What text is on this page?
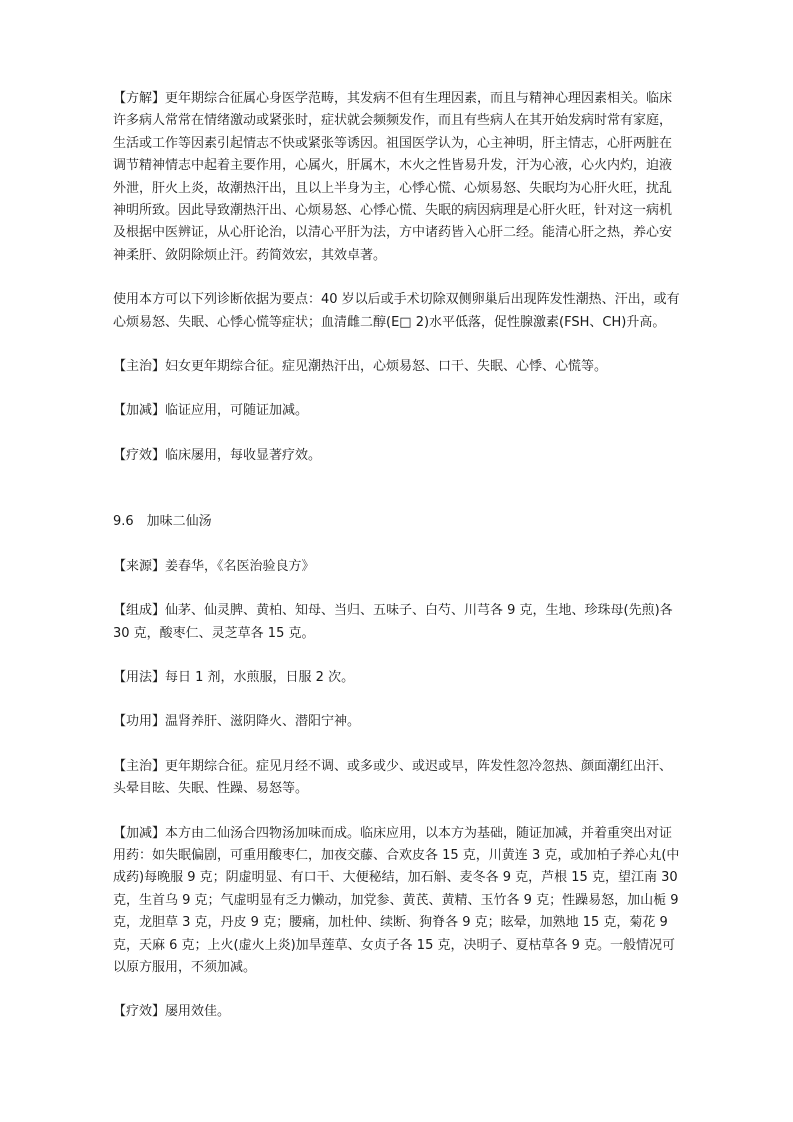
【方解】更年期综合征属心身医学范畴，其发病不但有生理因素，而且与精神心理因素相关。临床许多病人常常在情绪激动或紧张时，症状就会频频发作，而且有些病人在其开始发病时常有家庭，生活或工作等因素引起情志不快或紧张等诱因。祖国医学认为，心主神明，肝主情志，心肝两脏在调节精神情志中起着主要作用，心属火，肝属木，木火之性皆易升发，汗为心液，心火内灼，迫液外泄，肝火上炎，故潮热汗出，且以上半身为主，心悸心慌、心烦易怒、失眠均为心肝火旺，扰乱神明所致。因此导致潮热汗出、心烦易怒、心悸心慌、失眠的病因病理是心肝火旺，针对这一病机及根据中医辨证，从心肝论治，以清心平肝为法，方中诸药皆入心肝二经。能清心肝之热，养心安神柔肝、敛阴除烦止汗。药简效宏，其效卓著。

使用本方可以下列诊断依据为要点：40 岁以后或手术切除双侧卵巢后出现阵发性潮热、汗出，或有心烦易怒、失眠、心悸心慌等症状；血清雌二醇(E□ 2)水平低落，促性腺激素(FSH、CH)升高。

【主治】妇女更年期综合征。症见潮热汗出，心烦易怒、口干、失眠、心悸、心慌等。

【加减】临证应用，可随证加减。

【疗效】临床屡用，每收显著疗效。

9.6　加味二仙汤

【来源】姜春华，《名医治验良方》

【组成】仙茅、仙灵脾、黄柏、知母、当归、五味子、白芍、川芎各 9 克，生地、珍珠母(先煎)各 30 克，酸枣仁、灵芝草各 15 克。

【用法】每日 1 剂，水煎服，日服 2 次。

【功用】温肾养肝、滋阴降火、潜阳宁神。

【主治】更年期综合征。症见月经不调、或多或少、或迟或早，阵发性忽冷忽热、颜面潮红出汗、头晕目眩、失眠、性躁、易怒等。

【加减】本方由二仙汤合四物汤加味而成。临床应用，以本方为基础，随证加减，并着重突出对证用药：如失眠偏剧，可重用酸枣仁，加夜交藤、合欢皮各 15 克，川黄连 3 克，或加柏子养心丸(中成药)每晚服 9 克；阴虚明显、有口干、大便秘结，加石斛、麦冬各 9 克，芦根 15 克，望江南 30 克，生首乌 9 克；气虚明显有乏力懒动，加党参、黄芪、黄精、玉竹各 9 克；性躁易怒，加山栀 9 克，龙胆草 3 克，丹皮 9 克；腰痛，加杜仲、续断、狗脊各 9 克；眩晕，加熟地 15 克，菊花 9 克，天麻 6 克；上火(虚火上炎)加旱莲草、女贞子各 15 克，决明子、夏枯草各 9 克。一般情况可以原方服用，不须加减。

【疗效】屡用效佳。
